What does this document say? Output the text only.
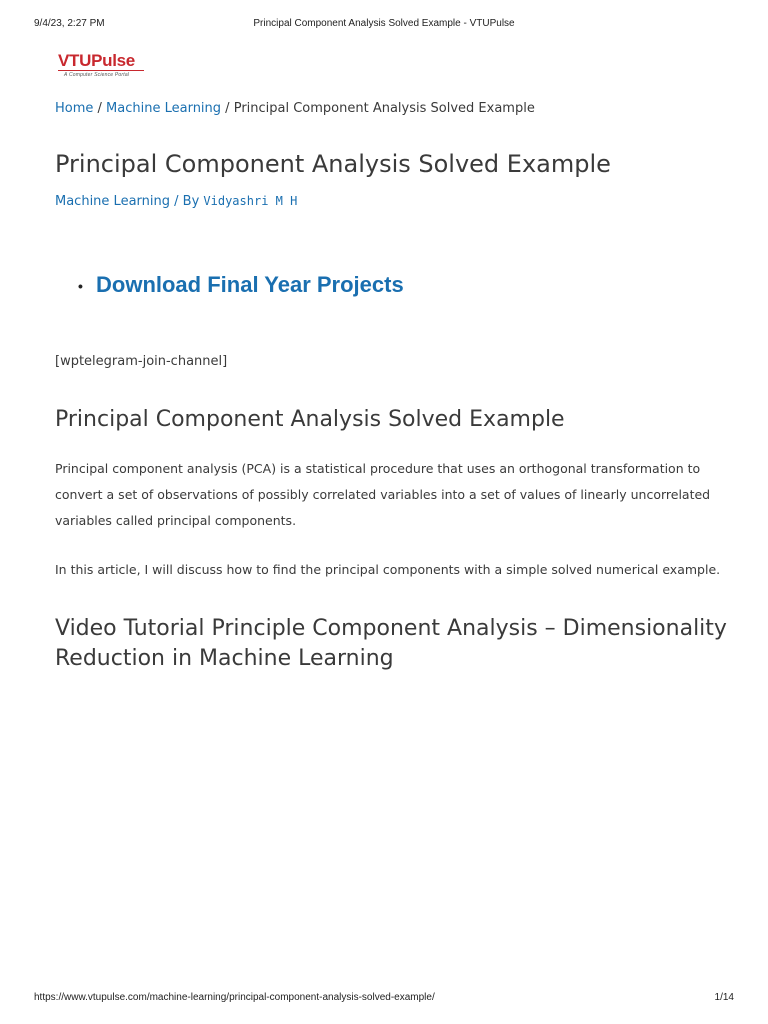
9/4/23, 2:27 PM	Principal Component Analysis Solved Example - VTUPulse
VTUPulse
A Computer Science Portal
Home / Machine Learning / Principal Component Analysis Solved Example
Principal Component Analysis Solved Example
Machine Learning / By Vidyashri M H
• Download Final Year Projects
[wptelegram-join-channel]
Principal Component Analysis Solved Example

Principal component analysis (PCA) is a statistical procedure that uses an orthogonal transformation to convert a set of observations of possibly correlated variables into a set of values of linearly uncorrelated variables called principal components.

In this article, I will discuss how to find the principal components with a simple solved numerical example.

Video Tutorial Principle Component Analysis – Dimensionality Reduction in Machine Learning
https://www.vtupulse.com/machine-learning/principal-component-analysis-solved-example/	1/14
